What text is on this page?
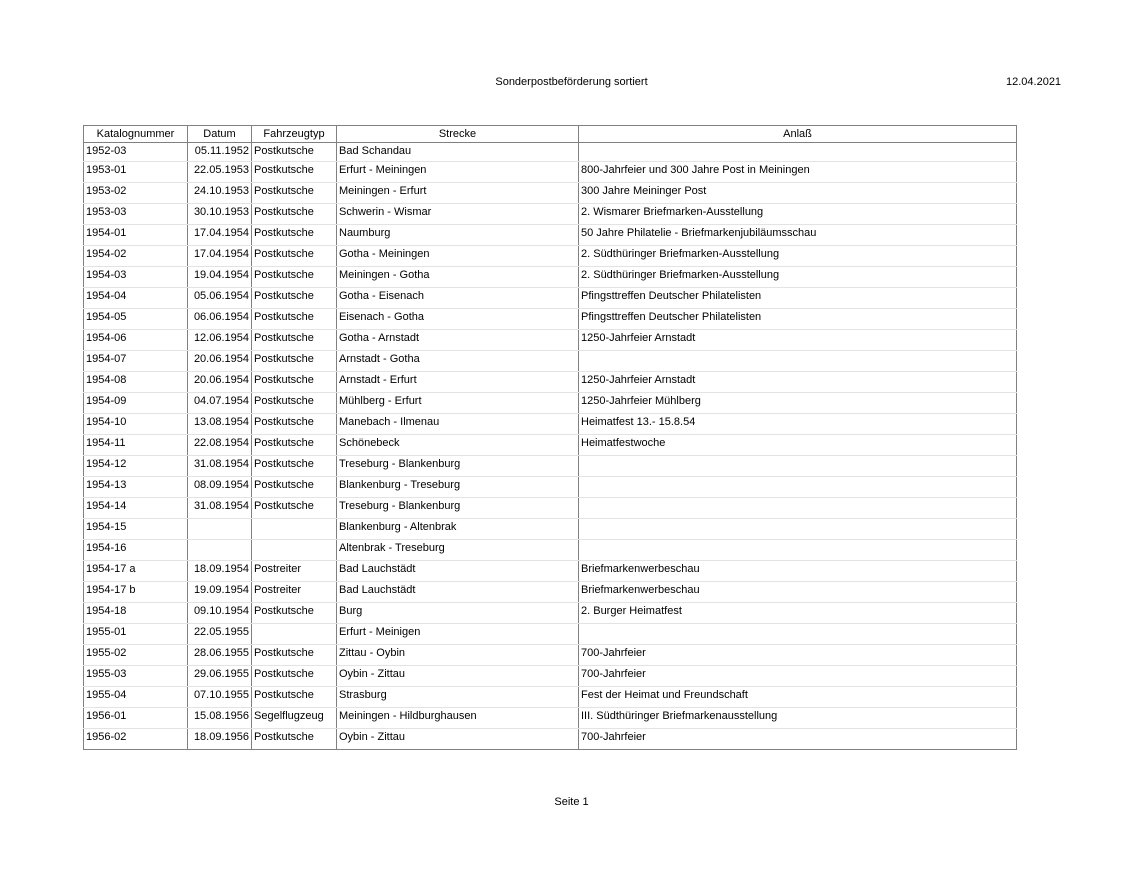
Sonderpostbeförderung sortiert	12.04.2021
Katalognummer	Datum	Fahrzeugtyp	Strecke	Anlaß
1952-03	05.11.1952	Postkutsche	Bad Schandau	
1953-01	22.05.1953	Postkutsche	Erfurt - Meiningen	800-Jahrfeier und 300 Jahre Post in Meiningen
1953-02	24.10.1953	Postkutsche	Meiningen - Erfurt	300 Jahre Meininger Post
1953-03	30.10.1953	Postkutsche	Schwerin - Wismar	2. Wismarer Briefmarken-Ausstellung
1954-01	17.04.1954	Postkutsche	Naumburg	50 Jahre Philatelie - Briefmarkenjubiläumsschau
1954-02	17.04.1954	Postkutsche	Gotha - Meiningen	2. Südthüringer Briefmarken-Ausstellung
1954-03	19.04.1954	Postkutsche	Meiningen - Gotha	2. Südthüringer Briefmarken-Ausstellung
1954-04	05.06.1954	Postkutsche	Gotha - Eisenach	Pfingsttreffen Deutscher Philatelisten
1954-05	06.06.1954	Postkutsche	Eisenach - Gotha	Pfingsttreffen Deutscher Philatelisten
1954-06	12.06.1954	Postkutsche	Gotha - Arnstadt	1250-Jahrfeier Arnstadt
1954-07	20.06.1954	Postkutsche	Arnstadt - Gotha	
1954-08	20.06.1954	Postkutsche	Arnstadt - Erfurt	1250-Jahrfeier Arnstadt
1954-09	04.07.1954	Postkutsche	Mühlberg - Erfurt	1250-Jahrfeier Mühlberg
1954-10	13.08.1954	Postkutsche	Manebach - Ilmenau	Heimatfest 13.- 15.8.54
1954-11	22.08.1954	Postkutsche	Schönebeck	Heimatfestwoche
1954-12	31.08.1954	Postkutsche	Treseburg - Blankenburg	
1954-13	08.09.1954	Postkutsche	Blankenburg - Treseburg	
1954-14	31.08.1954	Postkutsche	Treseburg - Blankenburg	
1954-15			Blankenburg - Altenbrak	
1954-16			Altenbrak - Treseburg	
1954-17 a	18.09.1954	Postreiter	Bad Lauchstädt	Briefmarkenwerbeschau
1954-17 b	19.09.1954	Postreiter	Bad Lauchstädt	Briefmarkenwerbeschau
1954-18	09.10.1954	Postkutsche	Burg	2. Burger Heimatfest
1955-01	22.05.1955		Erfurt - Meinigen	
1955-02	28.06.1955	Postkutsche	Zittau - Oybin	700-Jahrfeier
1955-03	29.06.1955	Postkutsche	Oybin - Zittau	700-Jahrfeier
1955-04	07.10.1955	Postkutsche	Strasburg	Fest der Heimat und Freundschaft
1956-01	15.08.1956	Segelflugzeug	Meiningen - Hildburghausen	III. Südthüringer Briefmarkenausstellung
1956-02	18.09.1956	Postkutsche	Oybin - Zittau	700-Jahrfeier
Seite 1
